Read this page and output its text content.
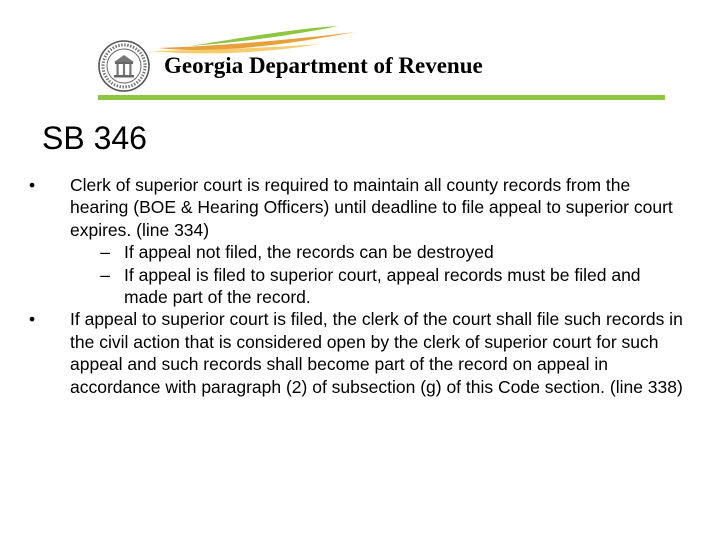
Georgia Department of Revenue
SB 346
•	Clerk of superior court is required to maintain all county records from the hearing (BOE & Hearing Officers) until deadline to file appeal to superior court expires. (line 334)
– If appeal not filed, the records can be destroyed
– If appeal is filed to superior court, appeal records must be filed and made part of the record.
•	If appeal to superior court is filed, the clerk of the court shall file such records in the civil action that is considered open by the clerk of superior court for such appeal and such records shall become part of the record on appeal in accordance with paragraph (2) of subsection (g) of this Code section. (line 338)
